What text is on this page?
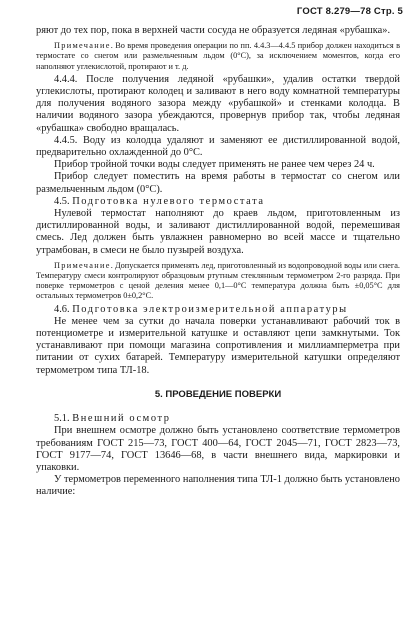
ГОСТ 8.279—78 Стр. 5

ряют до тех пор, пока в верхней части сосуда не образуется ледяная «рубашка».

Примечание. Во время проведения операции по пп. 4.4.3—4.4.5 прибор должен находиться в термостате со снегом или размельченным льдом (0°С), за исключением моментов, когда его наполняют углекислотой, протирают и т. д.

4.4.4. После получения ледяной «рубашки», удалив остатки твердой углекислоты, протирают колодец и заливают в него воду комнатной температуры для получения водяного зазора между «рубашкой» и стенками колодца. В наличии водяного зазора убеждаются, провернув прибор так, чтобы ледяная «рубашка» свободно вращалась.

4.4.5. Воду из колодца удаляют и заменяют ее дистиллированной водой, предварительно охлажденной до 0°С.

Прибор тройной точки воды следует применять не ранее чем через 24 ч.

Прибор следует поместить на время работы в термостат со снегом или размельченным льдом (0°С).

4.5. Подготовка нулевого термостата

Нулевой термостат наполняют до краев льдом, приготовленным из дистиллированной воды, и заливают дистиллированной водой, перемешивая смесь. Лед должен быть увлажнен равномерно во всей массе и тщательно утрамбован, в смеси не было пузырей воздуха.

Примечание. Допускается применять лед, приготовленный из водопроводной воды или снега. Температуру смеси контролируют образцовым ртутным стеклянным термометром 2-го разряда. При поверке термометров с ценой деления менее 0,1—0°С температура должна быть ±0,05°С для остальных термометров 0±0,2°С.

4.6. Подготовка электроизмерительной аппаратуры

Не менее чем за сутки до начала поверки устанавливают рабочий ток в потенциометре и измерительной катушке и оставляют цепи замкнутыми. Ток устанавливают при помощи магазина сопротивления и миллиамперметра при питании от сухих батарей. Температуру измерительной катушки определяют термометром типа ТЛ-18.

5. ПРОВЕДЕНИЕ ПОВЕРКИ

5.1. Внешний осмотр

При внешнем осмотре должно быть установлено соответствие термометров требованиям ГОСТ 215—73, ГОСТ 400—64, ГОСТ 2045—71, ГОСТ 2823—73, ГОСТ 9177—74, ГОСТ 13646—68, в части внешнего вида, маркировки и упаковки.

У термометров переменного наполнения типа ТЛ-1 должно быть установлено наличие:
